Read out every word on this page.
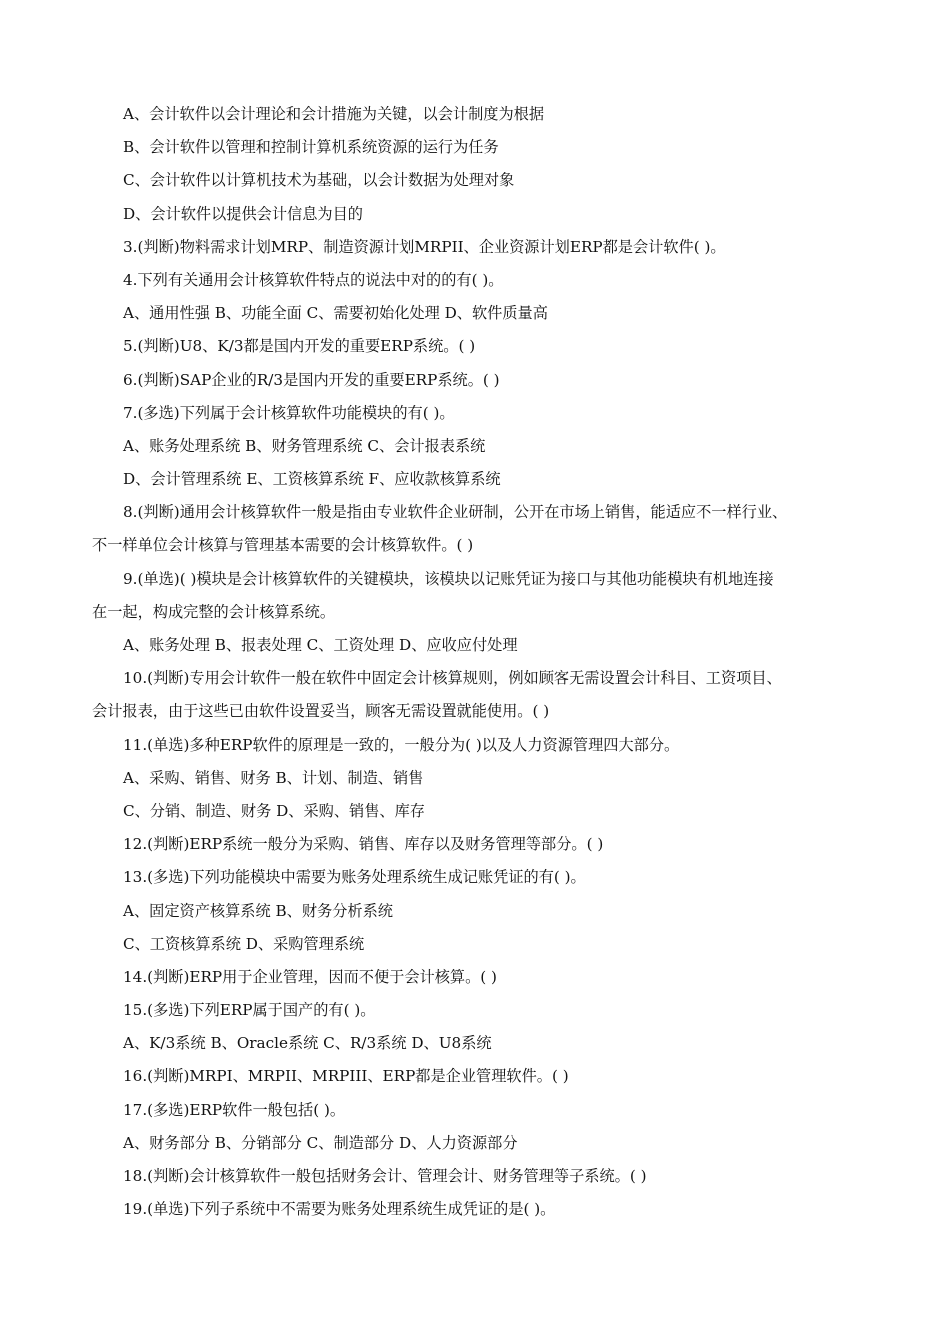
A、会计软件以会计理论和会计措施为关键，以会计制度为根据
B、会计软件以管理和控制计算机系统资源的运行为任务
C、会计软件以计算机技术为基础，以会计数据为处理对象
D、会计软件以提供会计信息为目的
3.(判断)物料需求计划MRP、制造资源计划MRPII、企业资源计划ERP都是会计软件( )。
4.下列有关通用会计核算软件特点的说法中对的的有( )。
A、通用性强 B、功能全面 C、需要初始化处理 D、软件质量高
5.(判断)U8、K/3都是国内开发的重要ERP系统。( )
6.(判断)SAP企业的R/3是国内开发的重要ERP系统。( )
7.(多选)下列属于会计核算软件功能模块的有( )。
A、账务处理系统 B、财务管理系统 C、会计报表系统
D、会计管理系统 E、工资核算系统 F、应收款核算系统
8.(判断)通用会计核算软件一般是指由专业软件企业研制，公开在市场上销售，能适应不一样行业、
不一样单位会计核算与管理基本需要的会计核算软件。( )
9.(单选)( )模块是会计核算软件的关键模块，该模块以记账凭证为接口与其他功能模块有机地连接
在一起，构成完整的会计核算系统。
A、账务处理 B、报表处理 C、工资处理 D、应收应付处理
10.(判断)专用会计软件一般在软件中固定会计核算规则，例如顾客无需设置会计科目、工资项目、
会计报表，由于这些已由软件设置妥当，顾客无需设置就能使用。( )
11.(单选)多种ERP软件的原理是一致的，一般分为( )以及人力资源管理四大部分。
A、采购、销售、财务 B、计划、制造、销售
C、分销、制造、财务 D、采购、销售、库存
12.(判断)ERP系统一般分为采购、销售、库存以及财务管理等部分。( )
13.(多选)下列功能模块中需要为账务处理系统生成记账凭证的有( )。
A、固定资产核算系统 B、财务分析系统
C、工资核算系统 D、采购管理系统
14.(判断)ERP用于企业管理，因而不便于会计核算。( )
15.(多选)下列ERP属于国产的有( )。
A、K/3系统 B、Oracle系统 C、R/3系统 D、U8系统
16.(判断)MRPI、MRPII、MRPIII、ERP都是企业管理软件。( )
17.(多选)ERP软件一般包括( )。
A、财务部分 B、分销部分 C、制造部分 D、人力资源部分
18.(判断)会计核算软件一般包括财务会计、管理会计、财务管理等子系统。( )
19.(单选)下列子系统中不需要为账务处理系统生成凭证的是( )。
